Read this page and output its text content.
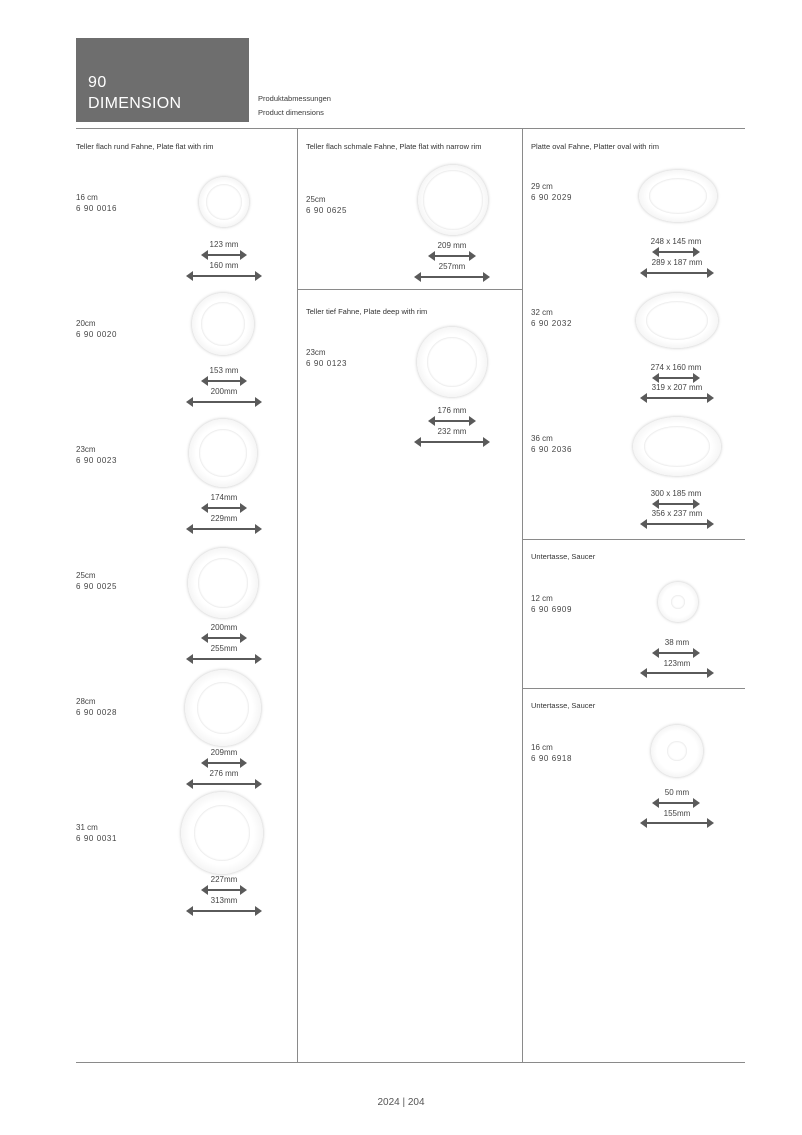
90
DIMENSION	Produktabmessungen
Product dimensions
Teller flach rund Fahne, Plate flat with rim	Teller flach schmale Fahne, Plate flat with narrow rim
Teller tief Fahne, Plate deep with rim
Platte oval Fahne, Platter oval with rim
Untertasse, Saucer
Untertasse, Saucer
16 cm
6 90 0016
123 mm
160 mm
20cm
6 90 0020
153 mm
200mm
23cm
6 90 0023
174mm
229mm
25cm
6 90 0025
200mm
255mm
28cm
6 90 0028
209mm
276 mm
31 cm
6 90 0031
227mm
313mm
25cm
6 90 0625
209 mm
257mm
23cm
6 90 0123
176 mm
232 mm
29 cm
6 90 2029
248 x 145 mm
289 x 187 mm
32 cm
6 90 2032
274 x 160 mm
319 x 207 mm
36 cm
6 90 2036
300 x 185 mm
356 x 237 mm
12 cm
6 90 6909
38 mm
123mm
16 cm
6 90 6918
50 mm
155mm
2024 | 204
